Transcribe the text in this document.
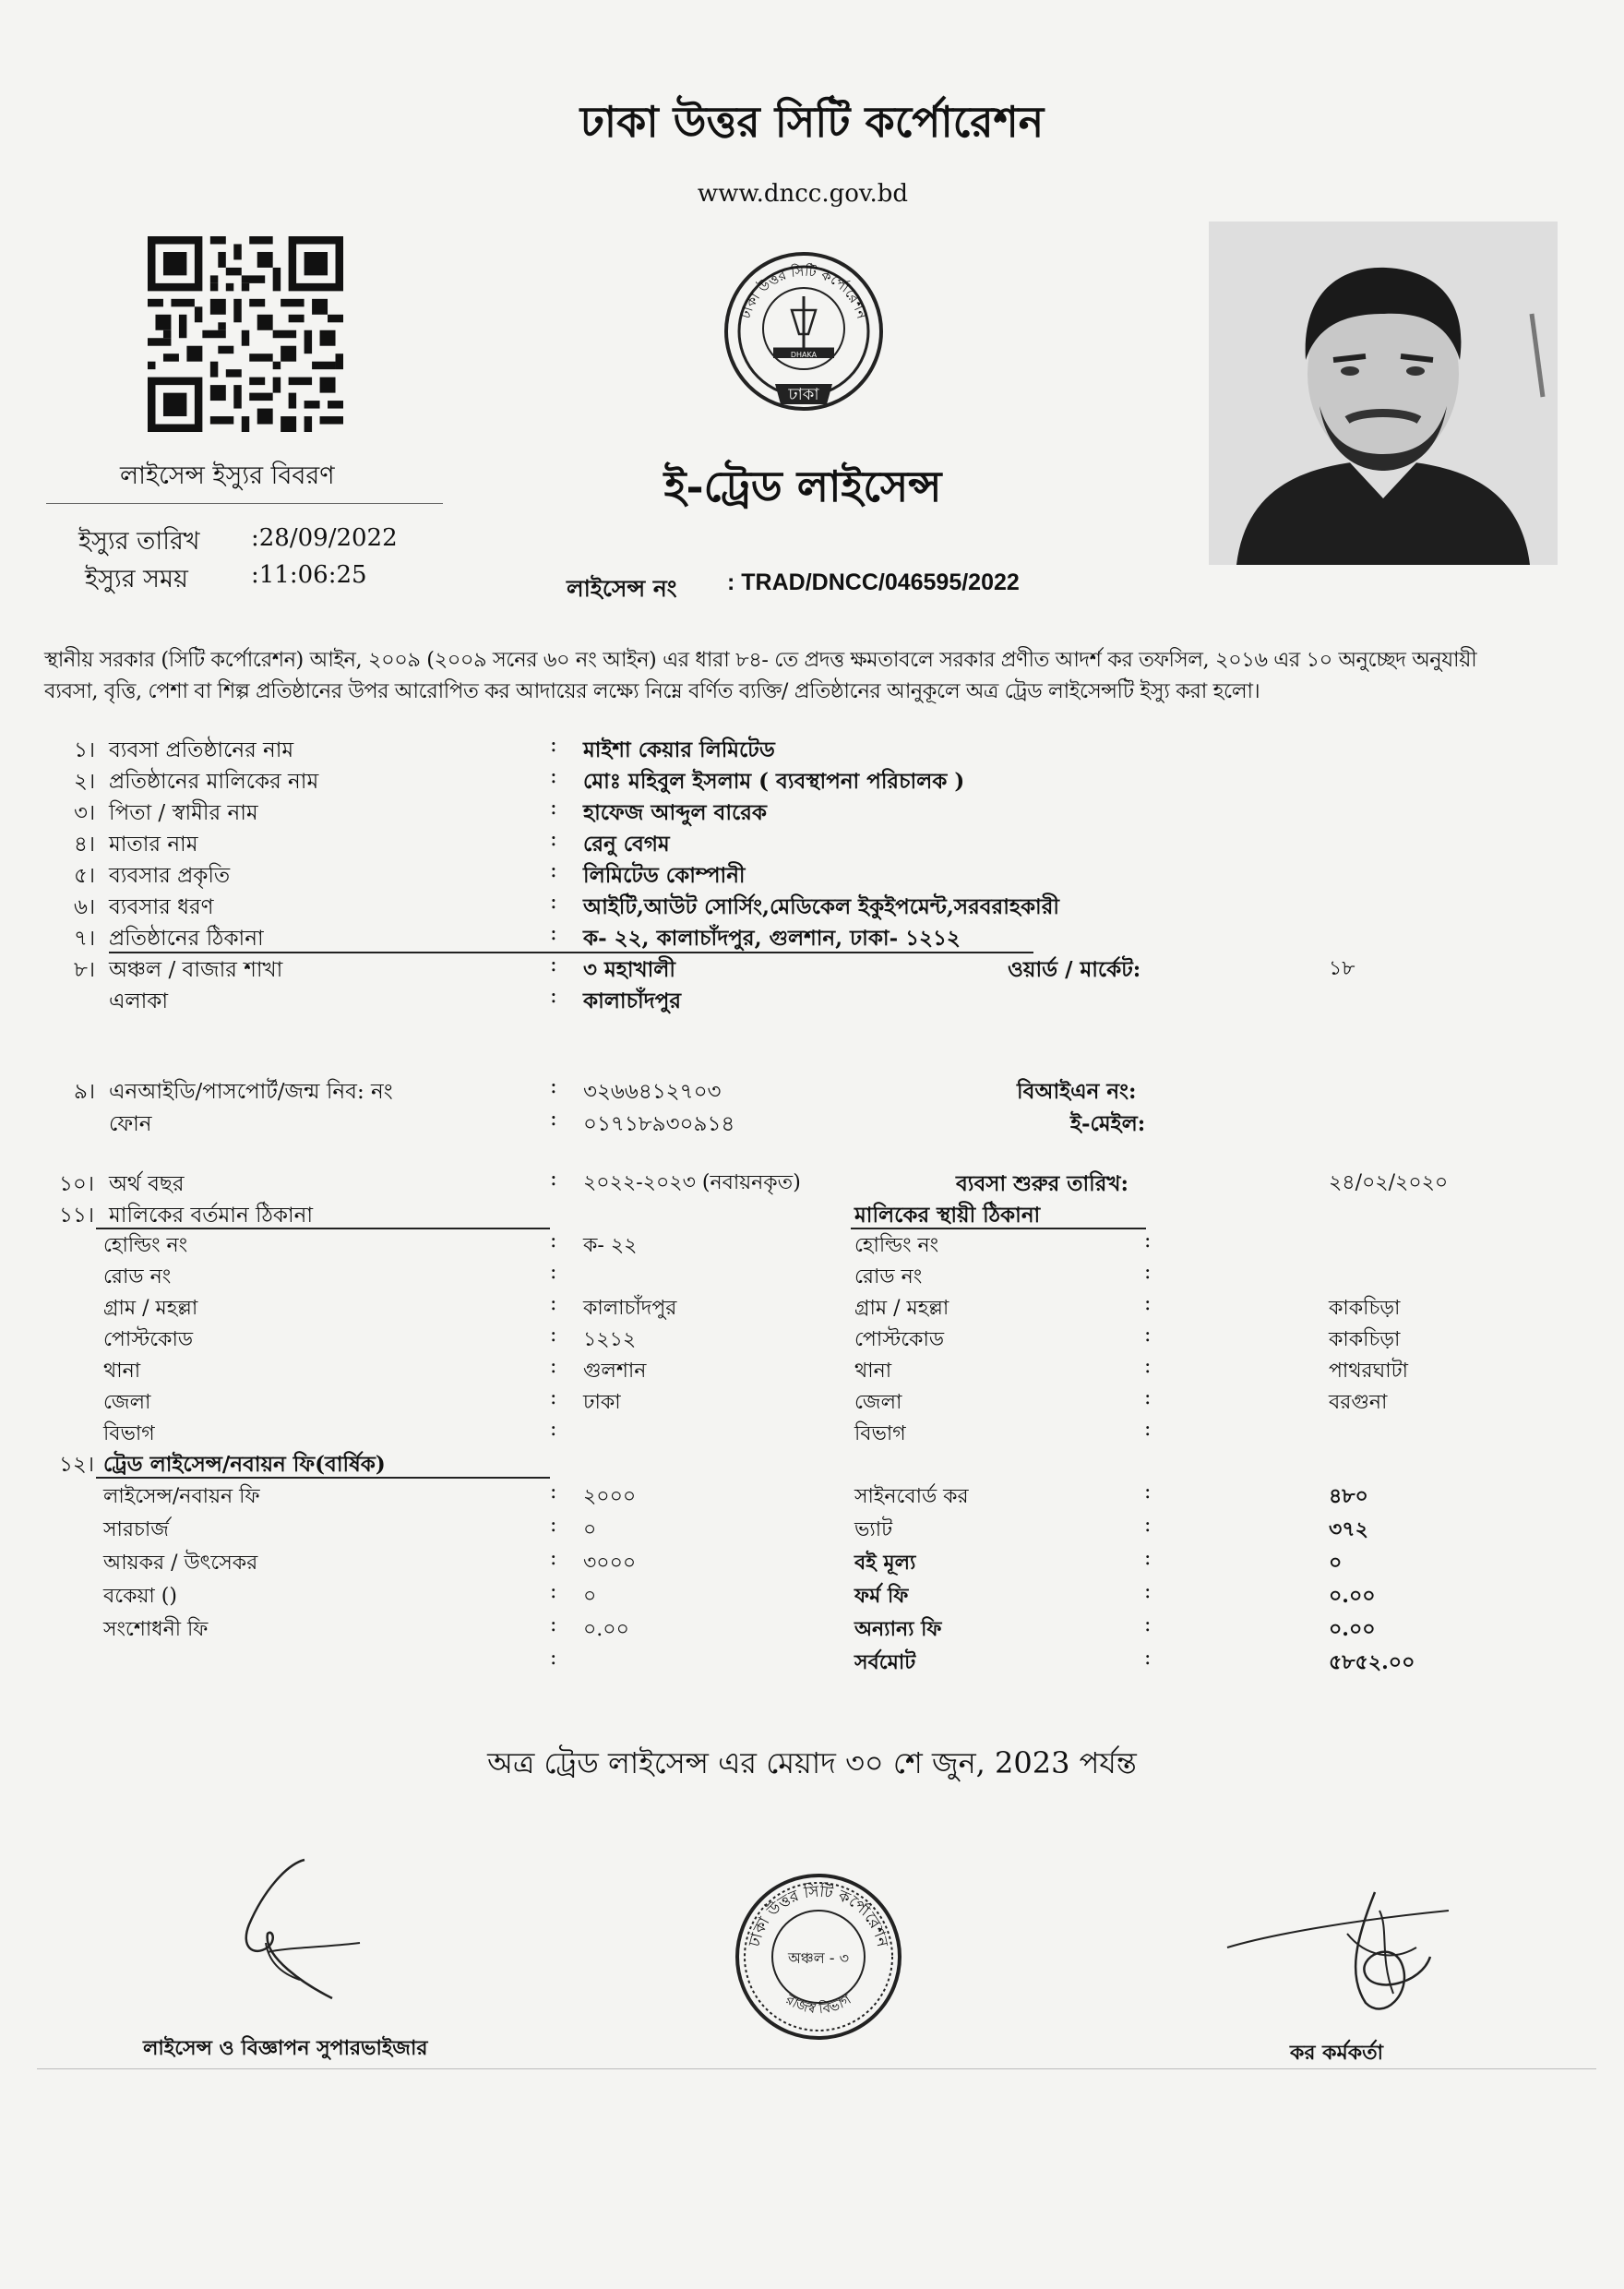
ঢাকা উত্তর সিটি কর্পোরেশন
www.dncc.gov.bd
লাইসেন্স ইস্যুর বিবরণ
ইস্যুর তারিখ :28/09/2022
ইস্যুর সময়	:11:06:25
ঢাকা উত্তর সিটি কর্পোরেশন
DHAKA
ঢাকা
ই-ট্রেড লাইসেন্স
লাইসেন্স নং : TRAD/DNCC/046595/2022
স্থানীয় সরকার (সিটি কর্পোরেশন) আইন, ২০০৯ (২০০৯ সনের ৬০ নং আইন) এর ধারা ৮৪- তে প্রদত্ত ক্ষমতাবলে সরকার প্রণীত আদর্শ কর তফসিল, ২০১৬ এর ১০ অনুচ্ছেদ অনুযায়ী
ব্যবসা, বৃত্তি, পেশা বা শিল্প প্রতিষ্ঠানের উপর আরোপিত কর আদায়ের লক্ষ্যে নিম্নে বর্ণিত ব্যক্তি/ প্রতিষ্ঠানের আনুকূলে অত্র ট্রেড লাইসেন্সটি ইস্যু করা হলো।
১। ব্যবসা প্রতিষ্ঠানের নাম	: মাইশা কেয়ার লিমিটেড
২। প্রতিষ্ঠানের মালিকের নাম	: মোঃ মহিবুল ইসলাম ( ব্যবস্থাপনা পরিচালক )
৩। পিতা / স্বামীর নাম	: হাফেজ আব্দুল বারেক
৪। মাতার নাম	: রেনু বেগম
৫। ব্যবসার প্রকৃতি	: লিমিটেড কোম্পানী
৬। ব্যবসার ধরণ	: আইটি,আউট সোর্সিং,মেডিকেল ইকুইপমেন্ট,সরবরাহকারী
৭। প্রতিষ্ঠানের ঠিকানা	: ক- ২২, কালাচাঁদপুর, গুলশান, ঢাকা- ১২১২
৮। অঞ্চল / বাজার শাখা	: ৩ মহাখালী	ওয়ার্ড / মার্কেট:	১৮
এলাকা	: কালাচাঁদপুর
৯। এনআইডি/পাসপোর্ট/জন্ম নিব: নং	: ৩২৬৬৪১২৭০৩	বিআইএন নং:
ফোন	: ০১৭১৮৯৩০৯১৪	ই-মেইল:
১০। অর্থ বছর	: ২০২২-২০২৩ (নবায়নকৃত)	ব্যবসা শুরুর তারিখ:	২৪/০২/২০২০
১১। মালিকের বর্তমান ঠিকানা	মালিকের স্থায়ী ঠিকানা
হোল্ডিং নং	: ক- ২২	হোল্ডিং নং	:
রোড নং	:	রোড নং	:
গ্রাম / মহল্লা	: কালাচাঁদপুর	গ্রাম / মহল্লা	:	কাকচিড়া
পোস্টকোড	: ১২১২	পোস্টকোড	:	কাকচিড়া
থানা	: গুলশান	থানা	:	পাথরঘাটা
জেলা	: ঢাকা	জেলা	:	বরগুনা
বিভাগ	:	বিভাগ	:
১২। ট্রেড লাইসেন্স/নবায়ন ফি(বার্ষিক)
লাইসেন্স/নবায়ন ফি	: ২০০০	সাইনবোর্ড কর	:	৪৮০
সারচার্জ	: ০	ভ্যাট	:	৩৭২
আয়কর / উৎসেকর	: ৩০০০	বই মূল্য	:	০
বকেয়া ()	: ০	ফর্ম ফি	:	০.০০
সংশোধনী ফি	: ০.০০	অন্যান্য ফি	:	০.০০
:	সর্বমোট	:	৫৮৫২.০০
অত্র ট্রেড লাইসেন্স এর মেয়াদ ৩০ শে জুন, 2023 পর্যন্ত
লাইসেন্স ও বিজ্ঞাপন সুপারভাইজার
ঢাকা উত্তর সিটি কর্পোরেশন
অঞ্চল - ৩
রাজস্ব বিভাগ
কর কর্মকর্তা
